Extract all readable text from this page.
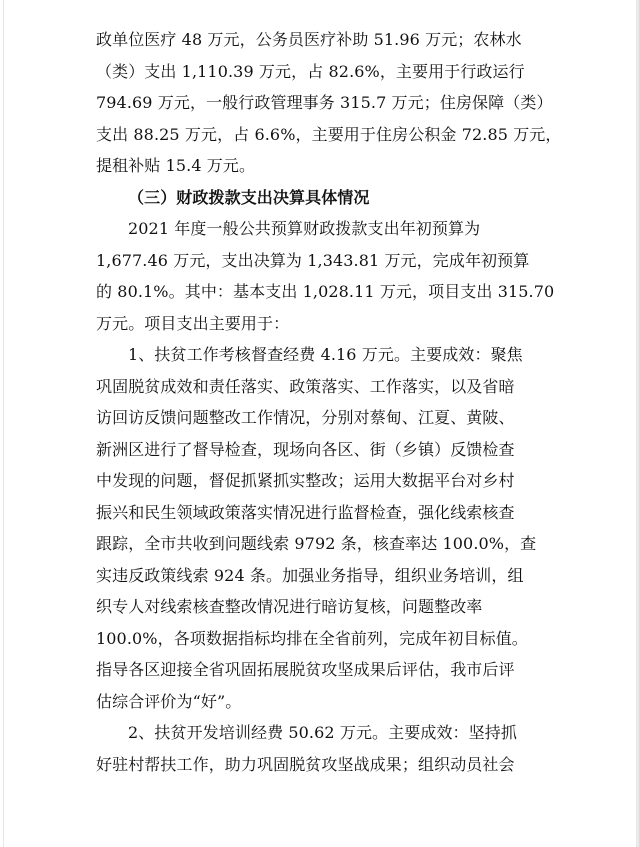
政单位医疗 48 万元，公务员医疗补助 51.96 万元；农林水
（类）支出 1,110.39 万元，占 82.6%，主要用于行政运行
794.69 万元，一般行政管理事务 315.7 万元；住房保障（类）
支出 88.25 万元，占 6.6%，主要用于住房公积金 72.85 万元，
提租补贴 15.4 万元。
（三）财政拨款支出决算具体情况
2021 年度一般公共预算财政拨款支出年初预算为
1,677.46 万元，支出决算为 1,343.81 万元，完成年初预算
的 80.1%。其中：基本支出 1,028.11 万元，项目支出 315.70
万元。项目支出主要用于：
1、扶贫工作考核督查经费 4.16 万元。主要成效：聚焦
巩固脱贫成效和责任落实、政策落实、工作落实，以及省暗
访回访反馈问题整改工作情况，分别对蔡甸、江夏、黄陂、
新洲区进行了督导检查，现场向各区、街（乡镇）反馈检查
中发现的问题，督促抓紧抓实整改；运用大数据平台对乡村
振兴和民生领域政策落实情况进行监督检查，强化线索核查
跟踪，全市共收到问题线索 9792 条，核查率达 100.0%，查
实违反政策线索 924 条。加强业务指导，组织业务培训，组
织专人对线索核查整改情况进行暗访复核，问题整改率
100.0%，各项数据指标均排在全省前列，完成年初目标值。
指导各区迎接全省巩固拓展脱贫攻坚成果后评估，我市后评
估综合评价为“好”。
2、扶贫开发培训经费 50.62 万元。主要成效：坚持抓
好驻村帮扶工作，助力巩固脱贫攻坚战成果；组织动员社会
